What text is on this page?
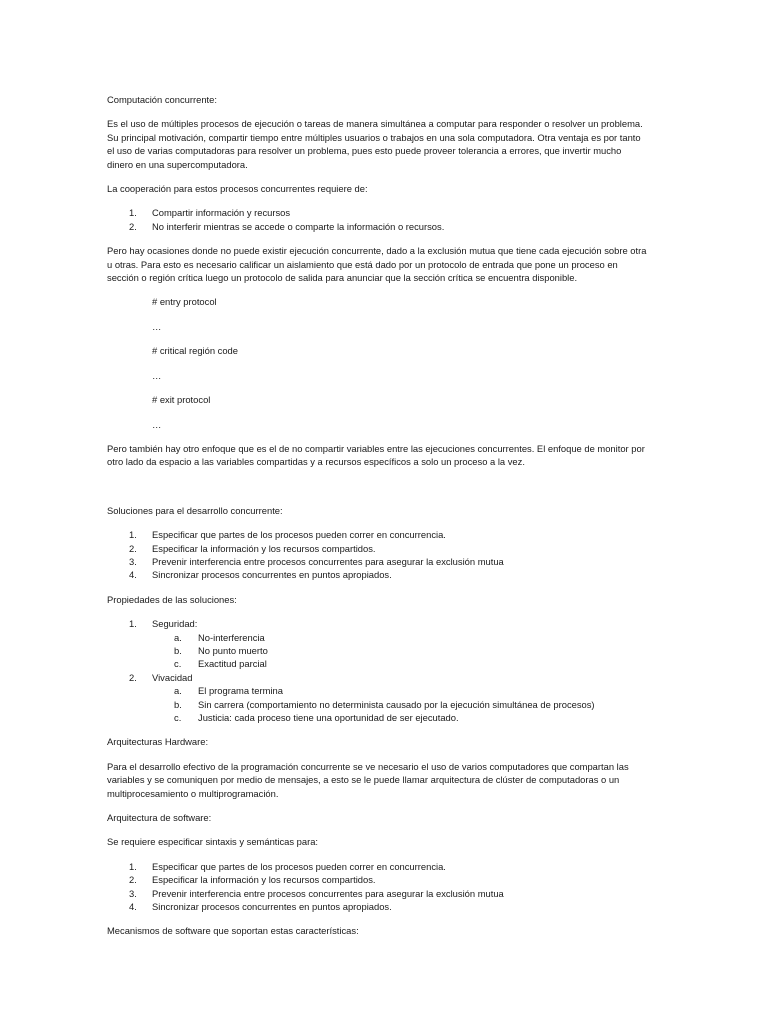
Computación concurrente:

Es el uso de múltiples procesos de ejecución o tareas de manera simultánea a computar para responder o resolver un problema. Su principal motivación, compartir tiempo entre múltiples usuarios o trabajos en una sola computadora. Otra ventaja es por tanto el uso de varias computadoras para resolver un problema, pues esto puede proveer tolerancia a errores, que invertir mucho dinero en una supercomputadora.

La cooperación para estos procesos concurrentes requiere de:

1. Compartir información y recursos
2. No interferir mientras se accede o comparte la información o recursos.

Pero hay ocasiones donde no puede existir ejecución concurrente, dado a la exclusión mutua que tiene cada ejecución sobre otra u otras. Para esto es necesario calificar un aislamiento que está dado por un protocolo de entrada que pone un proceso en sección o región crítica luego un protocolo de salida para anunciar que la sección crítica se encuentra disponible.

# entry protocol

…

# critical región code

…

# exit protocol

…

Pero también hay otro enfoque que es el de no compartir variables entre las ejecuciones concurrentes. El enfoque de monitor por otro lado da espacio a las variables compartidas y a recursos específicos a solo un proceso a la vez.

Soluciones para el desarrollo concurrente:

1. Especificar que partes de los procesos pueden correr en concurrencia.
2. Especificar la información y los recursos compartidos.
3. Prevenir interferencia entre procesos concurrentes para asegurar la exclusión mutua
4. Sincronizar procesos concurrentes en puntos apropiados.

Propiedades de las soluciones:

1. Seguridad:
a. No-interferencia
b. No punto muerto
c. Exactitud parcial
2. Vivacidad
a. El programa termina
b. Sin carrera (comportamiento no determinista causado por la ejecución simultánea de procesos)
c. Justicia: cada proceso tiene una oportunidad de ser ejecutado.

Arquitecturas Hardware:

Para el desarrollo efectivo de la programación concurrente se ve necesario el uso de varios computadores que compartan las variables y se comuniquen por medio de mensajes, a esto se le puede llamar arquitectura de clúster de computadoras o un multiprocesamiento o multiprogramación.

Arquitectura de software:

Se requiere especificar sintaxis y semánticas para:

1. Especificar que partes de los procesos pueden correr en concurrencia.
2. Especificar la información y los recursos compartidos.
3. Prevenir interferencia entre procesos concurrentes para asegurar la exclusión mutua
4. Sincronizar procesos concurrentes en puntos apropiados.

Mecanismos de software que soportan estas características:
